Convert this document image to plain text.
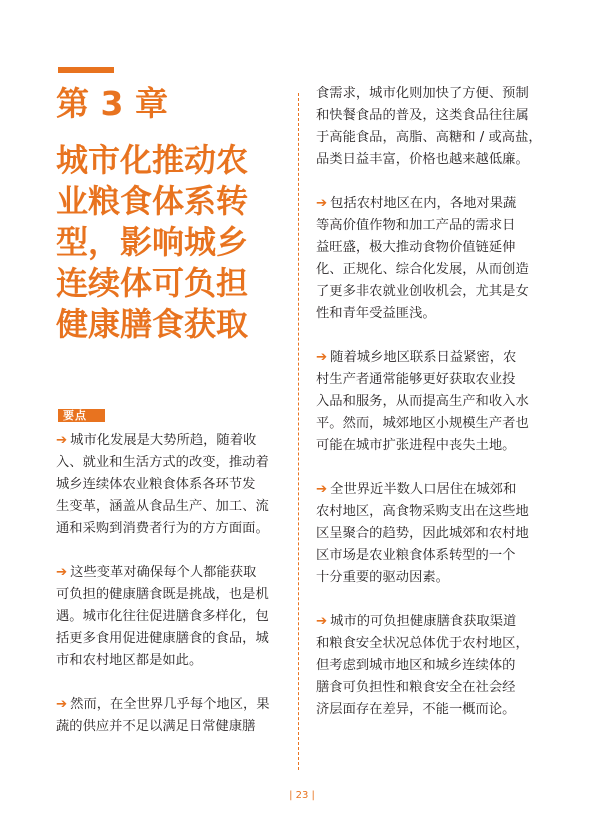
第 3 章
城市化推动农
业粮食体系转
型，影响城乡
连续体可负担
健康膳食获取
要点
➔ 城市化发展是大势所趋，随着收
入、就业和生活方式的改变，推动着
城乡连续体农业粮食体系各环节发
生变革，涵盖从食品生产、加工、流
通和采购到消费者行为的方方面面。
➔ 这些变革对确保每个人都能获取
可负担的健康膳食既是挑战，也是机
遇。城市化往往促进膳食多样化，包
括更多食用促进健康膳食的食品，城
市和农村地区都是如此。
➔ 然而，在全世界几乎每个地区，果
蔬的供应并不足以满足日常健康膳
食需求，城市化则加快了方便、预制
和快餐食品的普及，这类食品往往属
于高能食品，高脂、高糖和 / 或高盐，
品类日益丰富，价格也越来越低廉。
➔ 包括农村地区在内，各地对果蔬
等高价值作物和加工产品的需求日
益旺盛，极大推动食物价值链延伸
化、正规化、综合化发展，从而创造
了更多非农就业创收机会，尤其是女
性和青年受益匪浅。
➔ 随着城乡地区联系日益紧密，农
村生产者通常能够更好获取农业投
入品和服务，从而提高生产和收入水
平。然而，城郊地区小规模生产者也
可能在城市扩张进程中丧失土地。
➔ 全世界近半数人口居住在城郊和
农村地区，高食物采购支出在这些地
区呈聚合的趋势，因此城郊和农村地
区市场是农业粮食体系转型的一个
十分重要的驱动因素。
➔ 城市的可负担健康膳食获取渠道
和粮食安全状况总体优于农村地区，
但考虑到城市地区和城乡连续体的
膳食可负担性和粮食安全在社会经
济层面存在差异，不能一概而论。
| 23 |
